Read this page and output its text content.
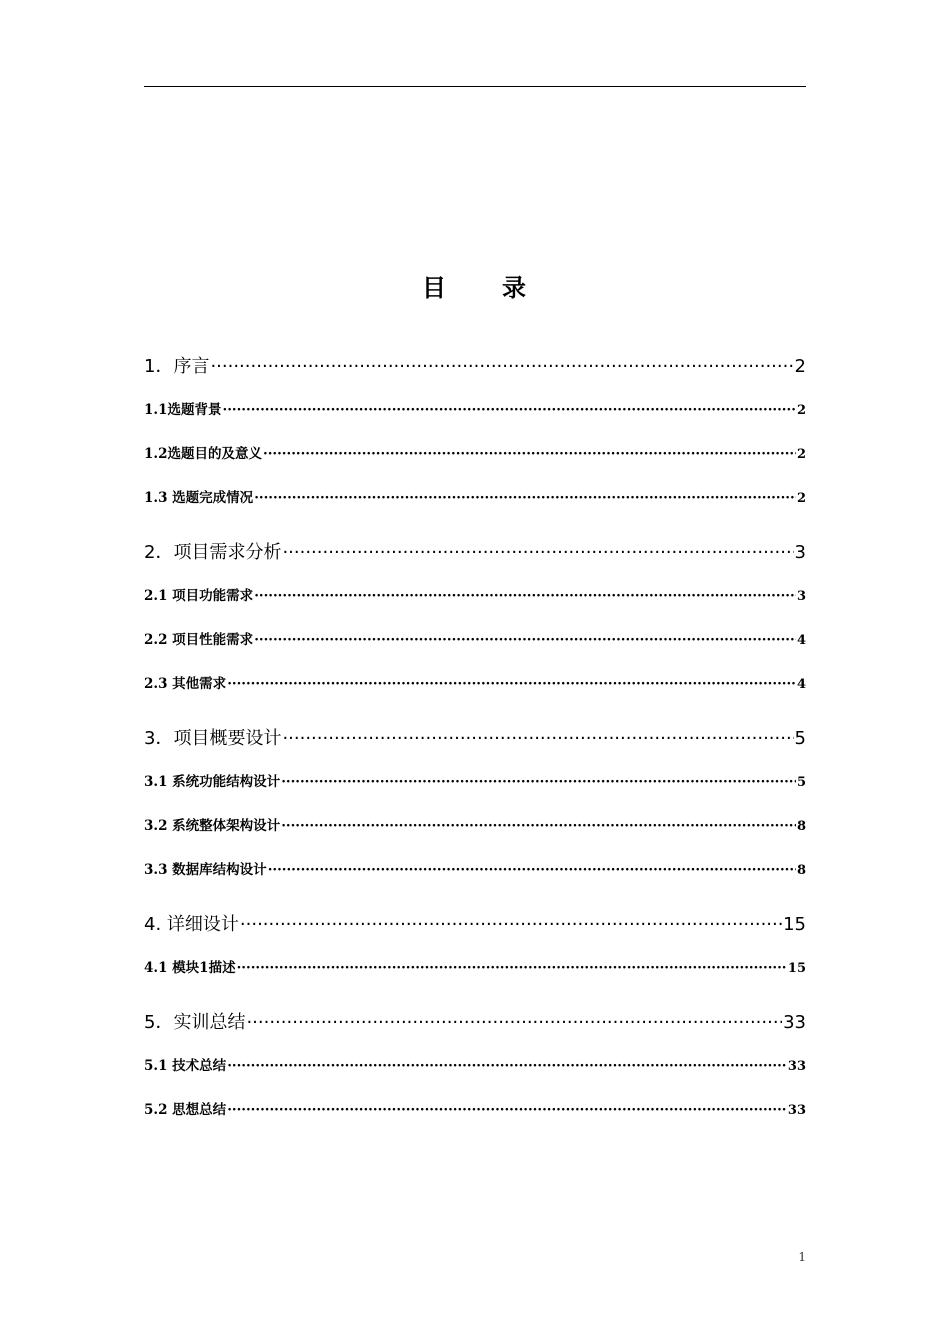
目 录
1．序言 ·····	2
1.1选题背景 ·····	2
1.2选题目的及意义 ·····	2
1.3 选题完成情况 ·····	2
2．项目需求分析 ·····	3
2.1 项目功能需求 ·····	3
2.2 项目性能需求 ·····	4
2.3 其他需求 ·····	4
3．项目概要设计 ·····	5
3.1 系统功能结构设计 ·····	5
3.2 系统整体架构设计 ·····	8
3.3 数据库结构设计 ·····	8
4. 详细设计 ·····	15
4.1 模块1描述 ·····	15
5．实训总结 ·····	33
5.1 技术总结 ·····	33
5.2 思想总结 ·····	33
1
